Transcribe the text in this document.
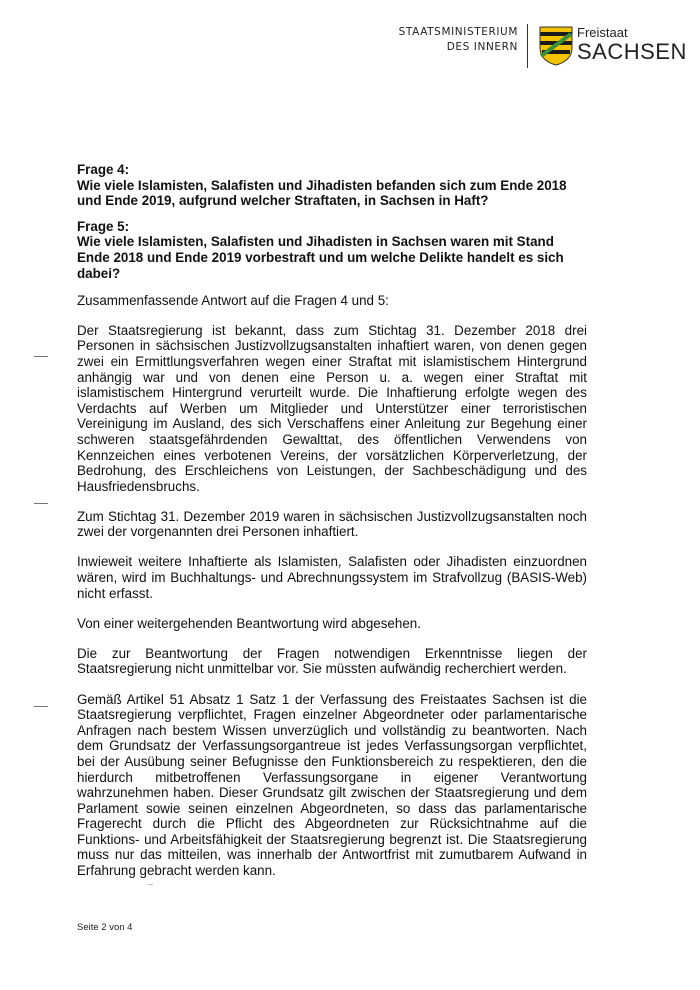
STAATSMINISTERIUM
DES INNERN
Freistaat
SACHSEN

Frage 4:

Wie viele Islamisten, Salafisten und Jihadisten befanden sich zum Ende 2018 und Ende 2019, aufgrund welcher Straftaten, in Sachsen in Haft?

Frage 5:

Wie viele Islamisten, Salafisten und Jihadisten in Sachsen waren mit Stand Ende 2018 und Ende 2019 vorbestraft und um welche Delikte handelt es sich dabei?

Zusammenfassende Antwort auf die Fragen 4 und 5:

Der Staatsregierung ist bekannt, dass zum Stichtag 31. Dezember 2018 drei Personen in sächsischen Justizvollzugsanstalten inhaftiert waren, von denen gegen zwei ein Ermittlungsverfahren wegen einer Straftat mit islamistischem Hintergrund anhängig war und von denen eine Person u. a. wegen einer Straftat mit islamistischem Hintergrund verurteilt wurde. Die Inhaftierung erfolgte wegen des Verdachts auf Werben um Mitglieder und Unterstützer einer terroristischen Vereinigung im Ausland, des sich Verschaffens einer Anleitung zur Begehung einer schweren staatsgefährdenden Gewalttat, des öffentlichen Verwendens von Kennzeichen eines verbotenen Vereins, der vorsätzlichen Körperverletzung, der Bedrohung, des Erschleichens von Leistungen, der Sachbeschädigung und des Hausfriedensbruchs.

Zum Stichtag 31. Dezember 2019 waren in sächsischen Justizvollzugsanstalten noch zwei der vorgenannten drei Personen inhaftiert.

Inwieweit weitere Inhaftierte als Islamisten, Salafisten oder Jihadisten einzuordnen wären, wird im Buchhaltungs- und Abrechnungssystem im Strafvollzug (BASIS-Web) nicht erfasst.

Von einer weitergehenden Beantwortung wird abgesehen.

Die zur Beantwortung der Fragen notwendigen Erkenntnisse liegen der Staatsregierung nicht unmittelbar vor. Sie müssten aufwändig recherchiert werden.

Gemäß Artikel 51 Absatz 1 Satz 1 der Verfassung des Freistaates Sachsen ist die Staatsregierung verpflichtet, Fragen einzelner Abgeordneter oder parlamentarische Anfragen nach bestem Wissen unverzüglich und vollständig zu beantworten. Nach dem Grundsatz der Verfassungsorgantreue ist jedes Verfassungsorgan verpflichtet, bei der Ausübung seiner Befugnisse den Funktionsbereich zu respektieren, den die hierdurch mitbetroffenen Verfassungsorgane in eigener Verantwortung wahrzunehmen haben. Dieser Grundsatz gilt zwischen der Staatsregierung und dem Parlament sowie seinen einzelnen Abgeordneten, so dass das parlamentarische Fragerecht durch die Pflicht des Abgeordneten zur Rücksichtnahme auf die Funktions- und Arbeitsfähigkeit der Staatsregierung begrenzt ist. Die Staatsregierung muss nur das mitteilen, was innerhalb der Antwortfrist mit zumutbarem Aufwand in Erfahrung gebracht werden kann.

Seite 2 von 4
